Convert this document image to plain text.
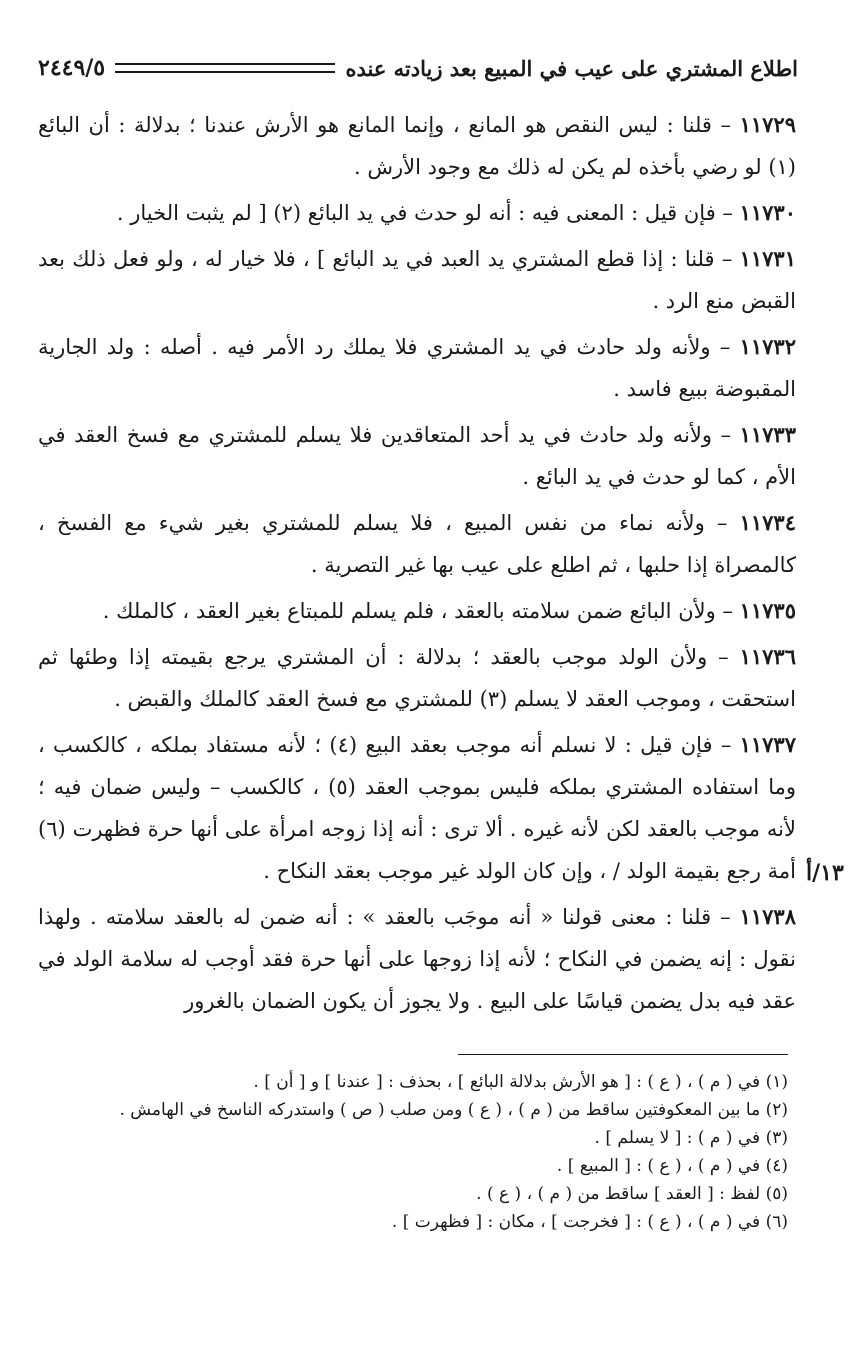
اطلاع المشتري على عيب في المبيع بعد زيادته عنده
٢٤٤٩/٥

١١٧٢٩ – قلنا : ليس النقص هو المانع ، وإنما المانع هو الأرش عندنا ؛ بدلالة : أن البائع (١) لو رضي بأخذه لم يكن له ذلك مع وجود الأرش .

١١٧٣٠ – فإن قيل : المعنى فيه : أنه لو حدث في يد البائع (٢) [ لم يثبت الخيار .

١١٧٣١ – قلنا : إذا قطع المشتري يد العبد في يد البائع ] ، فلا خيار له ، ولو فعل ذلك بعد القبض منع الرد .

١١٧٣٢ – ولأنه ولد حادث في يد المشتري فلا يملك رد الأمر فيه . أصله : ولد الجارية المقبوضة ببيع فاسد .

١١٧٣٣ – ولأنه ولد حادث في يد أحد المتعاقدين فلا يسلم للمشتري مع فسخ العقد في الأم ، كما لو حدث في يد البائع .

١١٧٣٤ – ولأنه نماء من نفس المبيع ، فلا يسلم للمشتري بغير شيء مع الفسخ ، كالمصراة إذا حلبها ، ثم اطلع على عيب بها غير التصرية .

١١٧٣٥ – ولأن البائع ضمن سلامته بالعقد ، فلم يسلم للمبتاع بغير العقد ، كالملك .

١١٧٣٦ – ولأن الولد موجب بالعقد ؛ بدلالة : أن المشتري يرجع بقيمته إذا وطئها ثم استحقت ، وموجب العقد لا يسلم (٣) للمشتري مع فسخ العقد كالملك والقبض .

١١٧٣٧ – فإن قيل : لا نسلم أنه موجب بعقد البيع (٤) ؛ لأنه مستفاد بملكه ، كالكسب ، وما استفاده المشتري بملكه فليس بموجب العقد (٥) ، كالكسب – وليس ضمان فيه ؛ لأنه موجب بالعقد لكن لأنه غيره . ألا ترى : أنه إذا زوجه امرأة على أنها حرة فظهرت (٦) أمة رجع بقيمة الولد / ، وإن كان الولد غير موجب بعقد النكاح .

١١٧٣٨ – قلنا : معنى قولنا « أنه موجَب بالعقد » : أنه ضمن له بالعقد سلامته . ولهذا نقول : إنه يضمن في النكاح ؛ لأنه إذا زوجها على أنها حرة فقد أوجب له سلامة الولد في عقد فيه بدل يضمن قياسًا على البيع . ولا يجوز أن يكون الضمان بالغرور

١٣/أ
(١) في ( م ) ، ( ع ) : [ هو الأرش بدلالة البائع ] ، بحذف : [ عندنا ] و [ أن ] .
(٢) ما بين المعكوفتين ساقط من ( م ) ، ( ع ) ومن صلب ( ص ) واستدركه الناسخ في الهامش .
(٣) في ( م ) : [ لا يسلم ] .
(٤) في ( م ) ، ( ع ) : [ المبيع ] .
(٥) لفظ : [ العقد ] ساقط من ( م ) ، ( ع ) .
(٦) في ( م ) ، ( ع ) : [ فخرجت ] ، مكان : [ فظهرت ] .
